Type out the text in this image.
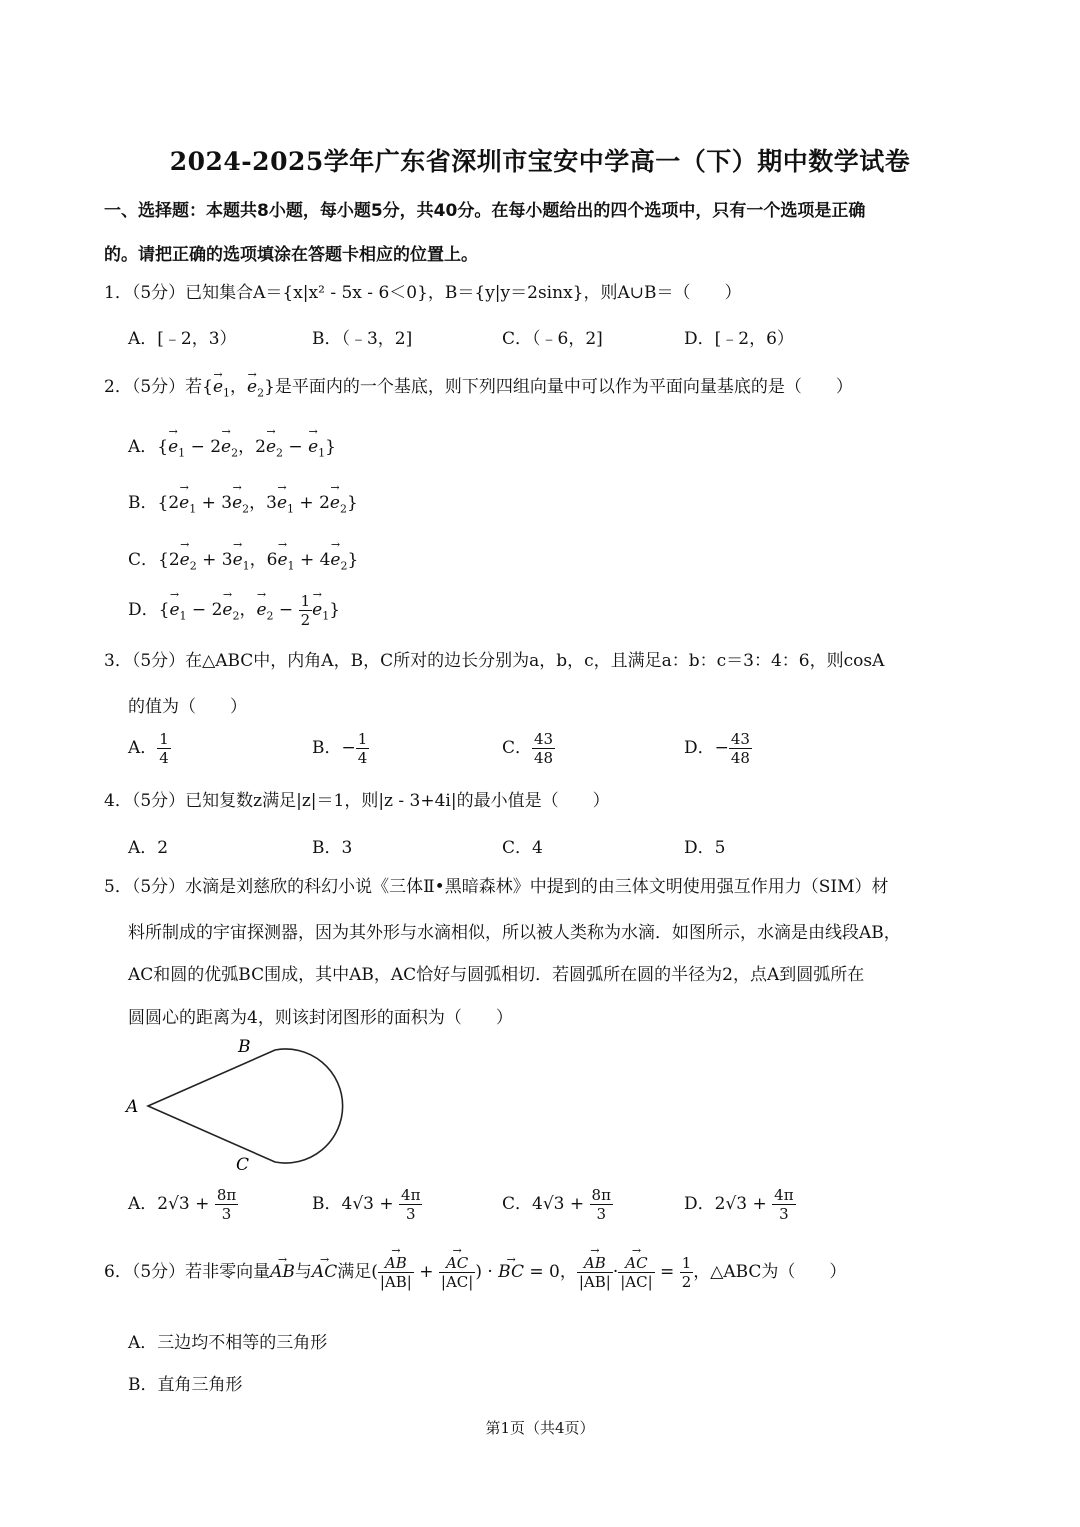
2024-2025学年广东省深圳市宝安中学高一（下）期中数学试卷
一、选择题：本题共8小题，每小题5分，共40分。在每小题给出的四个选项中，只有一个选项是正确
的。请把正确的选项填涂在答题卡相应的位置上。
1．（5分）已知集合A＝{x|x² - 5x - 6＜0}，B＝{y|y＝2sinx}，则A∪B＝（　　）
A．[﹣2，3）	B．（﹣3，2]	C．（﹣6，2]	D．[﹣2，6）
2．（5分）若{→ $e_1$，→ $e_2$}是平面内的一个基底，则下列四组向量中可以作为平面向量基底的是（　　）
A．{→ $e_1 - 2\to e_2$，$2\to e_2$ − → $e_1$}
B．{$2\to e_1 + 3\to e_2$，$3\to e_1 + 2\to e_2$}
C．{$2\to e_2 + 3\to e_1$，$6\to e_1 + 4\to e_2$}
D．{→ $e_1 - 2\to e_2$，→ $e_2 - \frac{1}{2} \to e_1$}
3．（5分）在△ABC中，内角A，B，C所对的边长分别为a，b，c，且满足a：b：c＝3：4：6，则cosA
的值为（　　）
A． $\frac{1}{4}$	B．− $\frac{1}{4}$	C． $\frac{43}{48}$	D．− $\frac{43}{48}$
4．（5分）已知复数z满足|z|＝1，则|z - 3+4i|的最小值是（　　）
A．2	B．3	C．4	D．5
5．（5分）水滴是刘慈欣的科幻小说《三体Ⅱ•黑暗森林》中提到的由三体文明使用强互作用力（SIM）材
料所制成的宇宙探测器，因为其外形与水滴相似，所以被人类称为水滴．如图所示，水滴是由线段AB，
AC和圆的优弧BC围成，其中AB，AC恰好与圆弧相切．若圆弧所在圆的半径为2，点A到圆弧所在
圆圆心的距离为4，则该封闭图形的面积为（　　）
A
B
C
A．$2√3 + \frac{8\pi}{3}$	B．$4√3 + \frac{4\pi}{3}$	C．$4√3 + \frac{8\pi}{3}$	D．$2√3 + \frac{4\pi}{3}$
6．（5分）若非零向量→ AB与→ AC满足( → $\frac{AB}{|AB|}$ + → $\frac{AC}{|AC|}$ ) · → BC = 0， → $\frac{AB}{|AB|}$ · → $\frac{AC}{|AC|} = \frac{1}{2}$ ，△ABC为（　　）
A．三边均不相等的三角形
B．直角三角形
第1页（共4页）
